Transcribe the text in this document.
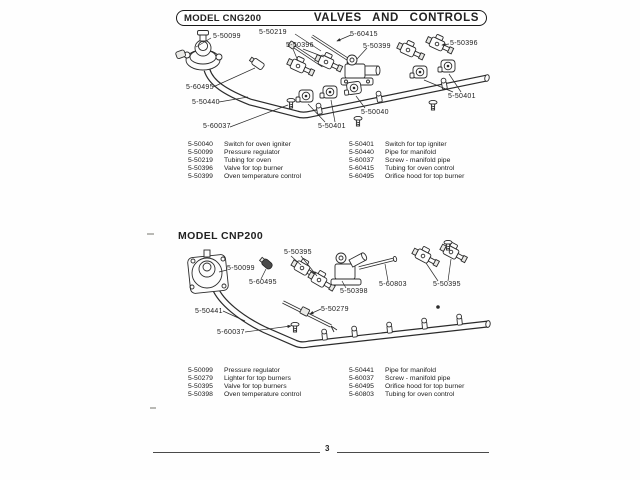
MODEL CNG200	VALVES AND CONTROLS
5-50099
5-50219	5-60415
5-50396	5-50399	5-50396
5-60495
5-50440
5-60037	5-50401
5-50040
5-50401
5-50040 Switch for oven igniter
5-50099 Pressure regulator
5-50219 Tubing for oven
5-50396 Valve for top burner
5-50399 Oven temperature control
5-50401 Switch for top igniter
5-50440 Pipe for manifold
5-60037 Screw - manifold pipe
5-60415 Tubing for oven control
5-60495 Orifice hood for top burner
MODEL CNP200
5-50395
5-50099
5-60495	5-60803
5-50398
5-50395
5-50441	5-50279
5-60037
5-50099 Pressure regulator
5-50279 Lighter for top burners
5-50395 Valve for top burners
5-50398 Oven temperature control
5-50441 Pipe for manifold
5-60037 Screw - manifold pipe
5-60495 Orifice hood for top burner
5-60803 Tubing for oven control
3
